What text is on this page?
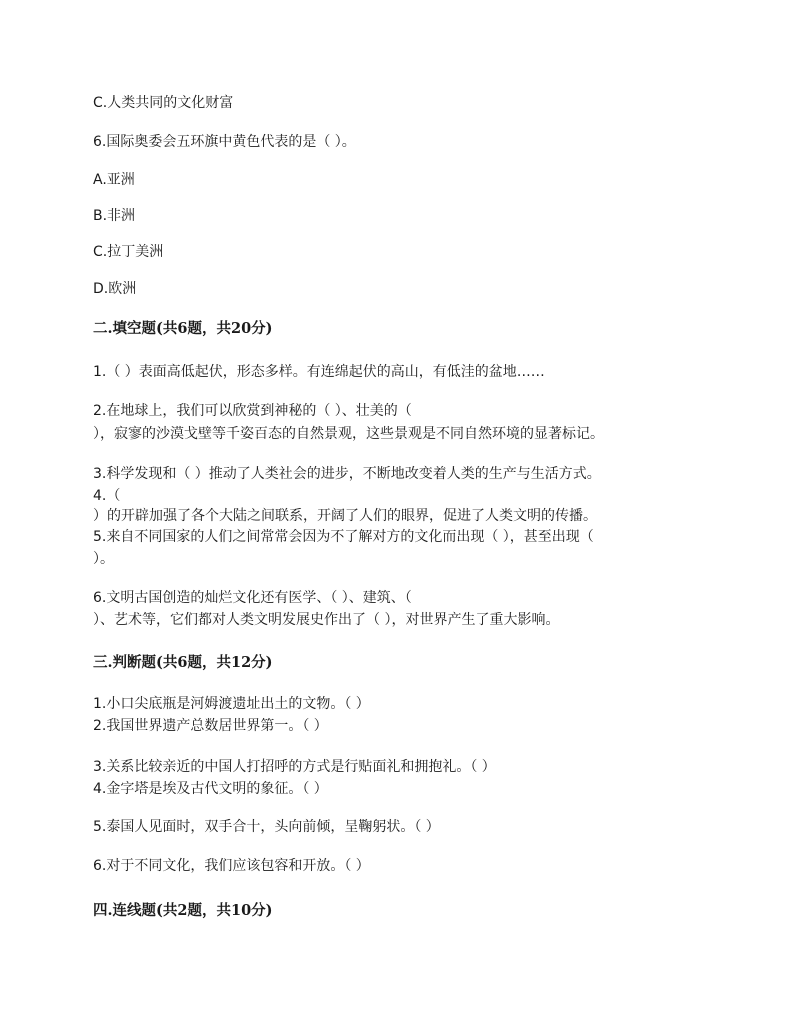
C.人类共同的文化财富
6.国际奥委会五环旗中黄色代表的是（ ）。
A.亚洲
B.非洲
C.拉丁美洲
D.欧洲
二.填空题(共6题，共20分)
1.（ ）表面高低起伏，形态多样。有连绵起伏的高山，有低洼的盆地……
2.在地球上，我们可以欣赏到神秘的（ ）、壮美的（
），寂寥的沙漠戈壁等千姿百态的自然景观，这些景观是不同自然环境的显著标记。
3.科学发现和（ ）推动了人类社会的进步，不断地改变着人类的生产与生活方式。
4.（
）的开辟加强了各个大陆之间联系，开阔了人们的眼界，促进了人类文明的传播。
5.来自不同国家的人们之间常常会因为不了解对方的文化而出现（ ），甚至出现（
）。
6.文明古国创造的灿烂文化还有医学、（ ）、建筑、（
）、艺术等，它们都对人类文明发展史作出了（ ），对世界产生了重大影响。
三.判断题(共6题，共12分)
1.小口尖底瓶是河姆渡遗址出土的文物。（ ）
2.我国世界遗产总数居世界第一。（ ）
3.关系比较亲近的中国人打招呼的方式是行贴面礼和拥抱礼。（ ）
4.金字塔是埃及古代文明的象征。（ ）
5.泰国人见面时，双手合十，头向前倾，呈鞠躬状。（ ）
6.对于不同文化，我们应该包容和开放。（ ）
四.连线题(共2题，共10分)
